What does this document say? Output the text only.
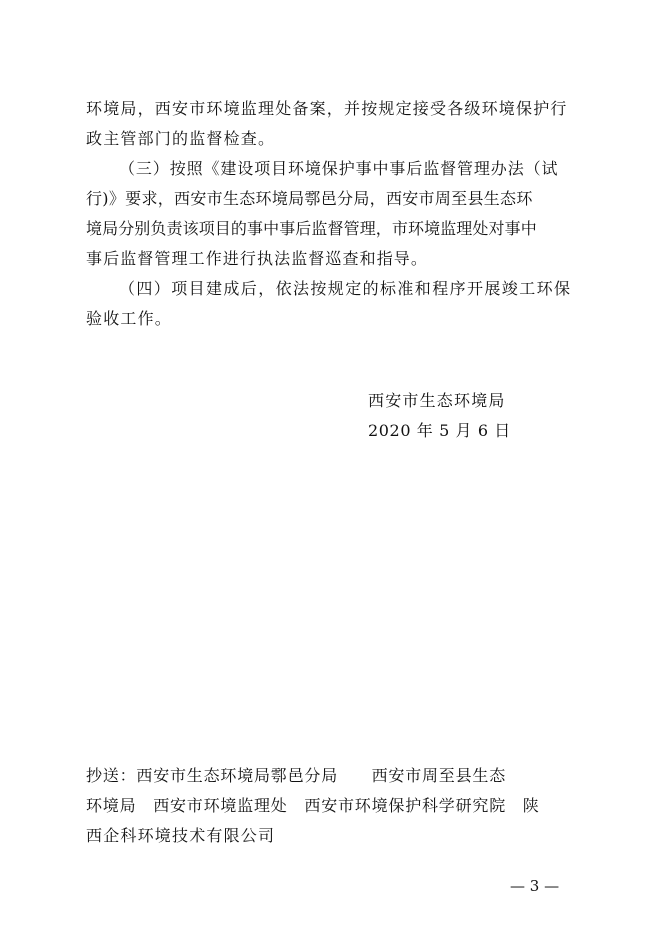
环境局，西安市环境监理处备案，并按规定接受各级环境保护行
政主管部门的监督检查。
（三）按照《建设项目环境保护事中事后监督管理办法（试
行)》要求，西安市生态环境局鄠邑分局，西安市周至县生态环
境局分别负责该项目的事中事后监督管理，市环境监理处对事中
事后监督管理工作进行执法监督巡查和指导。
（四）项目建成后，依法按规定的标准和程序开展竣工环保
验收工作。
西安市生态环境局
2020 年 5 月 6 日
抄送：西安市生态环境局鄠邑分局　　西安市周至县生态
环境局　西安市环境监理处　西安市环境保护科学研究院　陕
西企科环境技术有限公司
— 3 —
